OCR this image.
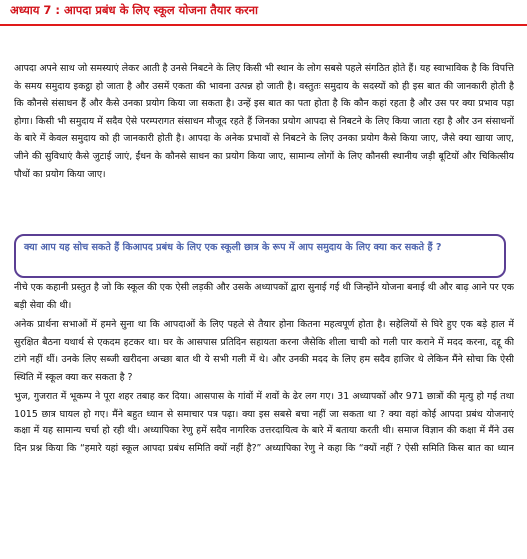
अध्याय 7 : आपदा प्रबंध के लिए स्कूल योजना तैयार करना

आपदा अपने साथ जो समस्याएं लेकर आती है उनसे निबटने के लिए किसी भी स्थान के लोग सबसे पहले संगठित होते हैं। यह स्वाभाविक है कि विपत्ति के समय समुदाय इकट्ठा हो जाता है और उसमें एकता की भावना उत्पन्न हो जाती है। वस्तुतः समुदाय के सदस्यों को ही इस बात की जानकारी होती है कि कौनसे संसाधन हैं और कैसे उनका प्रयोग किया जा सकता है। उन्हें इस बात का पता होता है कि कौन कहां रहता है और उस पर क्या प्रभाव पड़ा होगा। किसी भी समुदाय में सदैव ऐसे परम्परागत संसाधन मौजूद रहते हैं जिनका प्रयोग आपदा से निबटने के लिए किया जाता रहा है और उन संसाधनों के बारे में केवल समुदाय को ही जानकारी होती है। आपदा के अनेक प्रभावों से निबटने के लिए उनका प्रयोग कैसे किया जाए, जैसे क्या खाया जाए, जीने की सुविधाएं कैसे जुटाई जाएं, ईंधन के कौनसे साधन का प्रयोग किया जाए, सामान्य लोगों के लिए कौनसी स्थानीय जड़ी बूटियों और चिकित्सीय पौधों का प्रयोग किया जाए।

क्या आप यह सोच सकते हैं किआपद प्रबंध के लिए एक स्कूली छात्र के रूप में आप समुदाय के लिए क्या कर सकते हैं ?

नीचे एक कहानी प्रस्तुत है जो कि स्कूल की एक ऐसी लड़की और उसके अध्यापकों द्वारा सुनाई गई थी जिन्होंने योजना बनाई थी और बाढ़ आने पर एक बड़ी सेवा की थी।

अनेक प्रार्थना सभाओं में हमने सुना था कि आपदाओं के लिए पहले से तैयार होना कितना महत्वपूर्ण होता है। सहेलियों से घिरे हुए एक बड़े हाल में सुरक्षित बैठना यथार्थ से एकदम हटकर था। घर के आसपास प्रतिदिन सहायता करना जैसेकि शीला चाची को गली पार कराने में मदद करना, दद्दू की टांगे नहीं थीं। उनके लिए सब्जी खरीदना अच्छा बात थी ये सभी गली में थे। और उनकी मदद के लिए हम सदैव हाजिर थे लेकिन मैंने सोचा कि ऐसी स्थिति में स्कूल क्या कर सकता है ?

भुज, गुजरात में भूकम्प ने पूरा शहर तबाह कर दिया। आसपास के गांवों में शवों के ढेर लग गए। 31 अध्यापकों और 971 छात्रों की मृत्यु हो गई तथा 1015 छात्र घायल हो गए। मैंने बहुत ध्यान से समाचार पत्र पढ़ा। क्या इस सबसे बचा नहीं जा सकता था ? क्या वहां कोई आपदा प्रबंध योजनाएं

कक्षा में यह सामान्य चर्चा हो रही थी। अध्यापिका रेणु हमें सदैव नागरिक उत्तरदायित्व के बारे में बताया करती थी। समाज विज्ञान की कक्षा में मैंने उस दिन प्रश्न किया कि “हमारे यहां स्कूल आपदा प्रबंध समिति क्यों नहीं है?” अध्यापिका रेणु ने कहा कि “क्यों नहीं ? ऐसी समिति किस बात का ध्यान
